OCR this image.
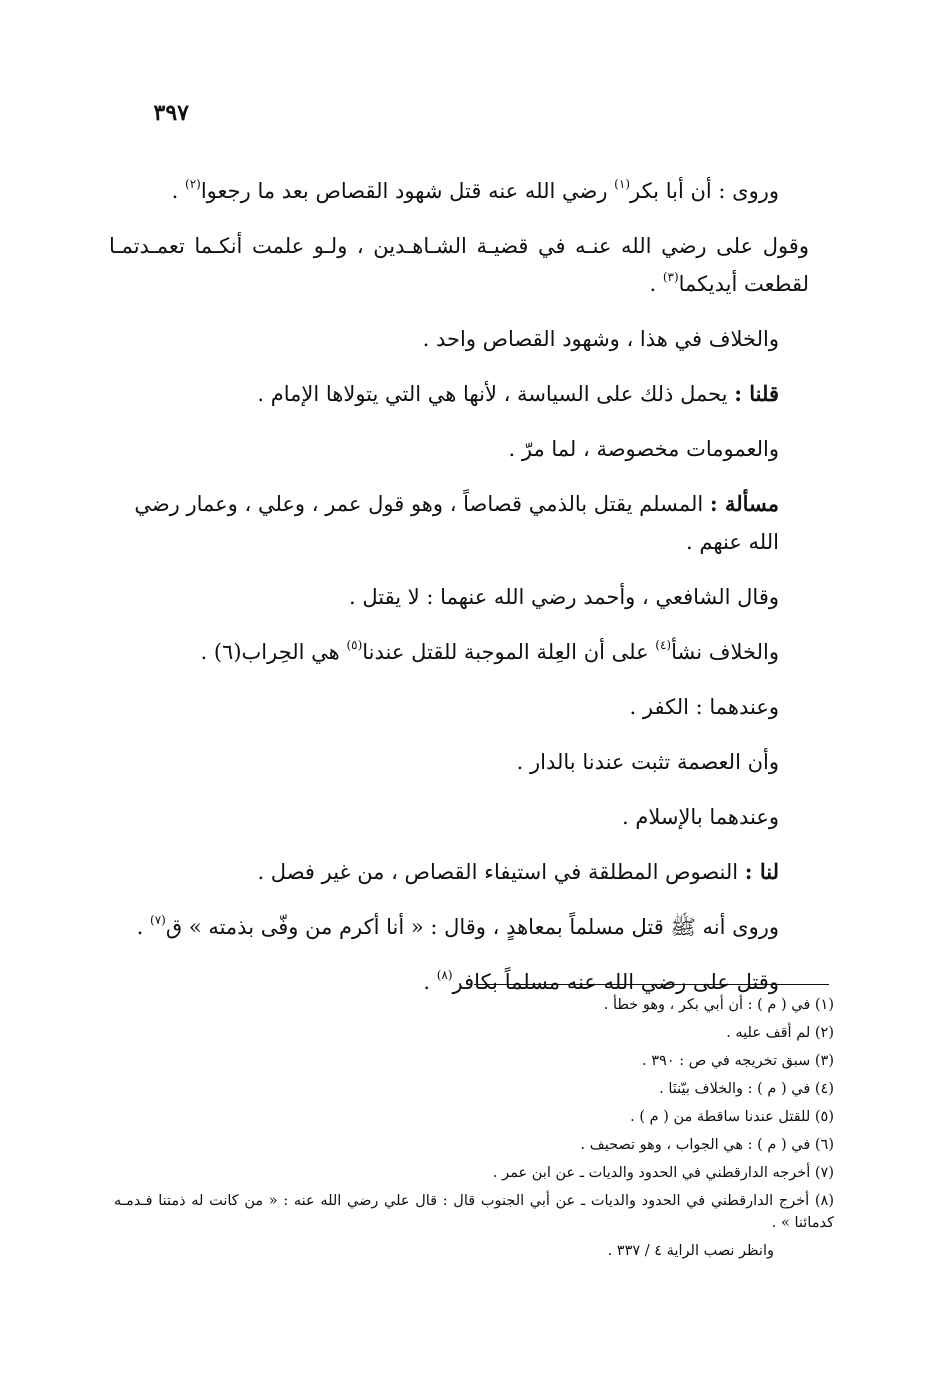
٣٩٧

وروى : أن أبا بكر$^{(١)}$ رضي الله عنه قتل شهود القصاص بعد ما رجعوا$^{(٢)}$ .

وقول على رضي الله عنـه في قضيـة الشـاهـدين ، ولـو علمت أنكـما تعمـدتمـا لقطعت أيديكما$^{(٣)}$ .

والخلاف في هذا ، وشهود القصاص واحد .

قلنا : يحمل ذلك على السياسة ، لأنها هي التي يتولاها الإمام .

والعمومات مخصوصة ، لما مرّ .

مسألة : المسلم يقتل بالذمي قصاصاً ، وهو قول عمر ، وعلي ، وعمار رضي الله عنهم .

وقال الشافعي ، وأحمد رضي الله عنهما : لا يقتل .

والخلاف نشأ$^{(٤)}$ على أن العِلة الموجبة للقتل عندنا$^{(٥)}$ هي الحِراب(٦) .

وعندهما : الكفر .

وأن العصمة تثبت عندنا بالدار .

وعندهما بالإسلام .

لنا : النصوص المطلقة في استيفاء القصاص ، من غير فصل .

وروى أنه ﷺ قتل مسلماً بمعاهدٍ ، وقال : « أنا أكرم من وفّى بذمته » ق$^{(٧)}$ .

وقتل على رضي الله عنه مسلماً بكافر$^{(٨)}$ .

(١) في ( م ) : أن أبي بكر ، وهو خطأ .

(٢) لم أقف عليه .

(٣) سبق تخريجه في ص : ٣٩٠ .

(٤) في ( م ) : والخلاف بيّننَا .

(٥) للقتل عندنا ساقطة من ( م ) .

(٦) في ( م ) : هي الجواب ، وهو تصحيف .

(٧) أخرجه الدارقطني في الحدود والديات ـ عن ابن عمر .

(٨) أخرج الدارقطني في الحدود والديات ـ عن أبي الجنوب قال : قال علي رضي الله عنه : « من كانت له ذمتنا فـدمـه كدمائنا » .

وانظر نصب الراية ٤ / ٣٣٧ .
